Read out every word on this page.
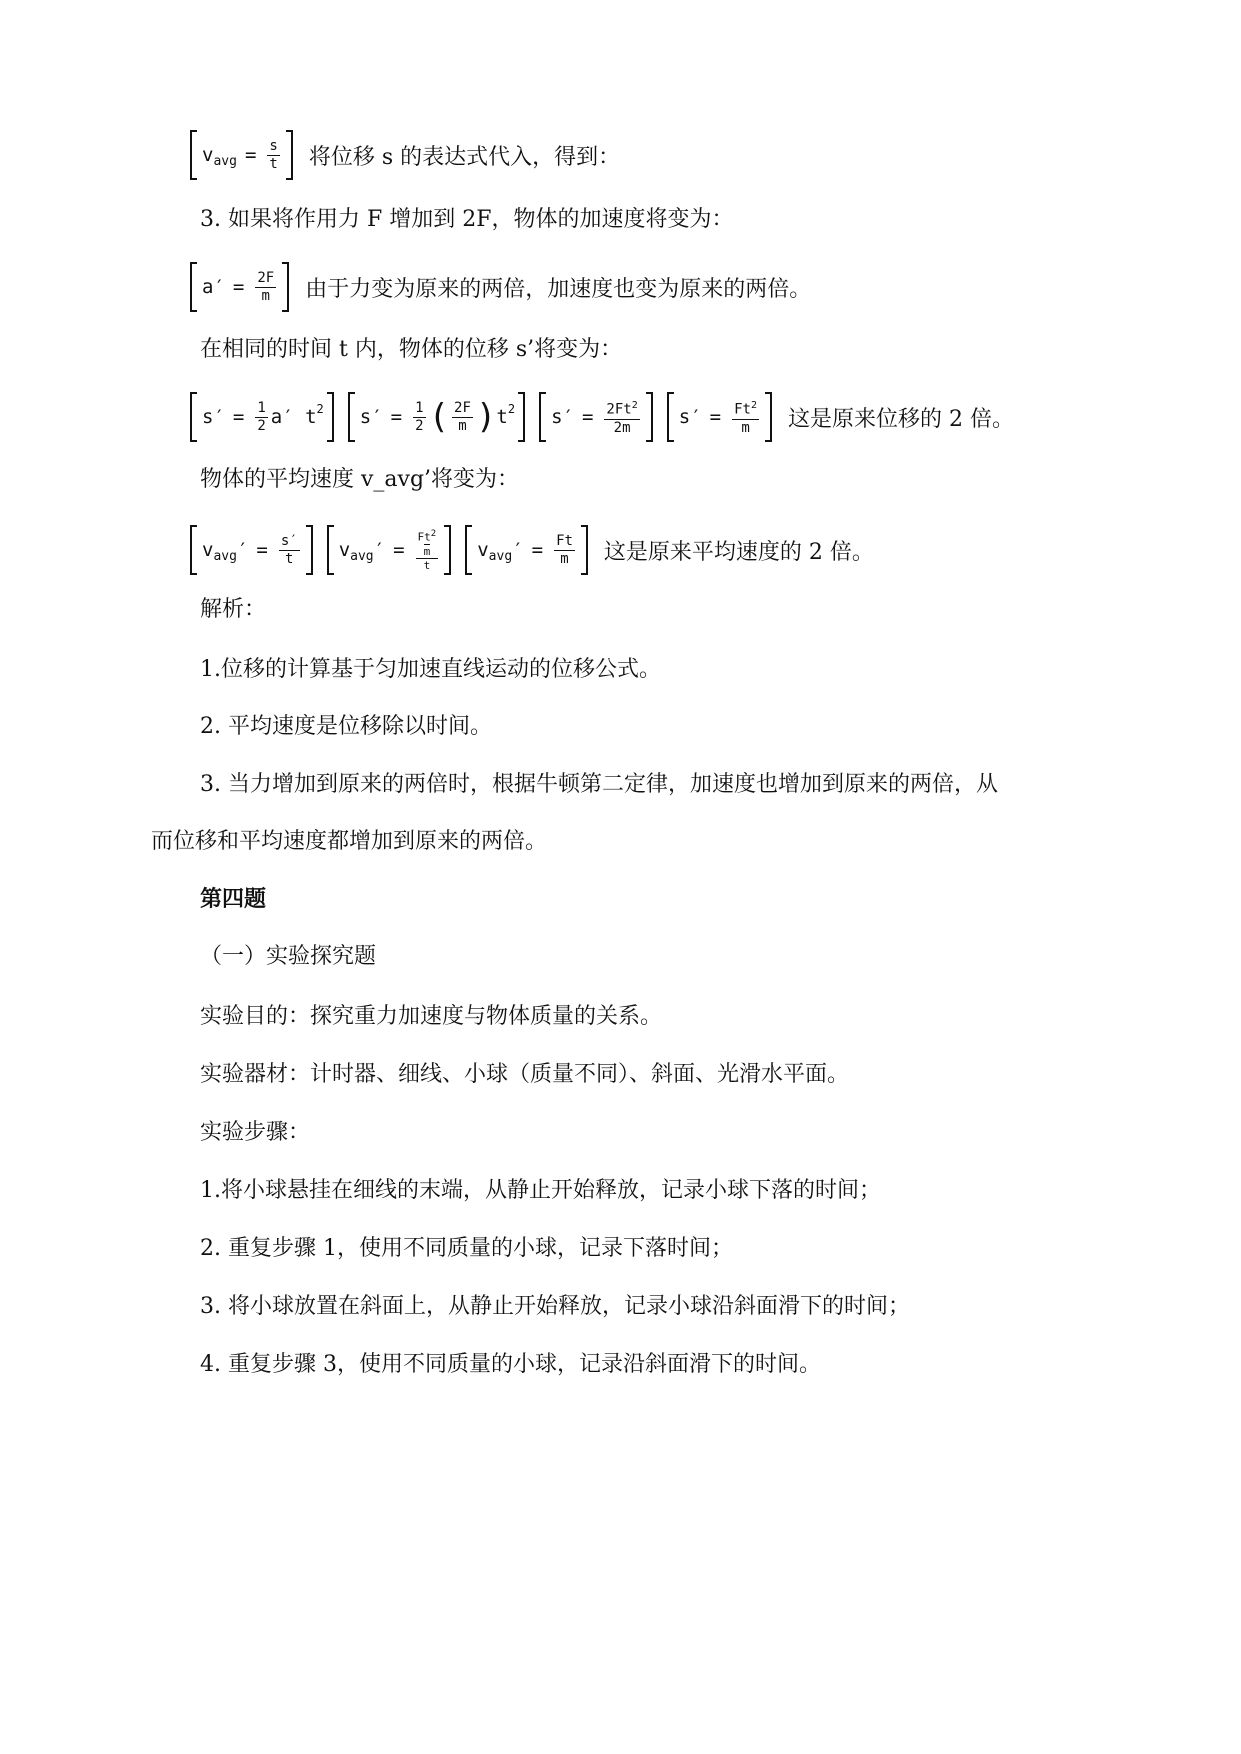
v avg = $\frac{s}{t}$ 将位移 s 的表达式代入，得到：
3. 如果将作用力 F 增加到 2F，物体的加速度将变为：
$a' = \frac{2F}{m}$ 由于力变为原来的两倍，加速度也变为原来的两倍。
在相同的时间 t 内，物体的位移 s’将变为：
$s' = \frac{1}{2} a'$ t 2 $s' = \frac{1}{2}$ ( $\frac{2F}{m}$ ) t 2 $s' = \frac{2Ft^2}{2m} s' = \frac{Ft^2}{m}$ 这是原来位移的 2 倍。
物体的平均速度 v_avg’将变为：
v avg ′ = $\frac{s'}{t}$ v avg ′ = $Ft^2$
m
t v avg ′ = $\frac{Ft}{m}$ 这是原来平均速度的 2 倍。
解析：
1.位移的计算基于匀加速直线运动的位移公式。
2. 平均速度是位移除以时间。
3. 当力增加到原来的两倍时，根据牛顿第二定律，加速度也增加到原来的两倍，从
而位移和平均速度都增加到原来的两倍。
第四题
（一）实验探究题
实验目的：探究重力加速度与物体质量的关系。
实验器材：计时器、细线、小球（质量不同）、斜面、光滑水平面。
实验步骤：
1.将小球悬挂在细线的末端，从静止开始释放，记录小球下落的时间；
2. 重复步骤 1，使用不同质量的小球，记录下落时间；
3. 将小球放置在斜面上，从静止开始释放，记录小球沿斜面滑下的时间；
4. 重复步骤 3，使用不同质量的小球，记录沿斜面滑下的时间。
